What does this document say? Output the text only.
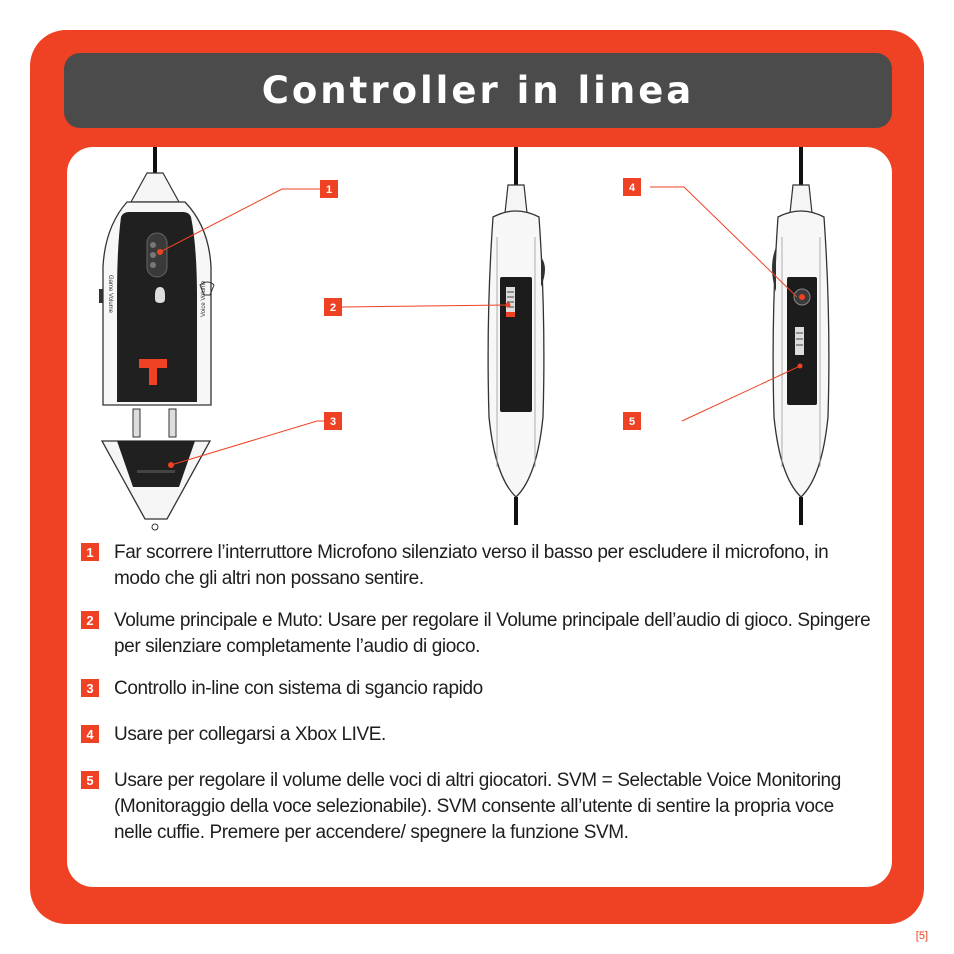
Controller in linea
Game Volume	Voice Volume
1
2
3
4
5
1 Far scorrere l’interruttore Microfono silenziato verso il basso per escludere il microfono, in modo che gli altri non possano sentire.
2 Volume principale e Muto: Usare per regolare il Volume principale dell’audio di gioco. Spingere per silenziare completamente l’audio di gioco.
3 Controllo in-line con sistema di sgancio rapido
4 Usare per collegarsi a Xbox LIVE.
5 Usare per regolare il volume delle voci di altri giocatori. SVM = Selectable Voice Monitoring (Monitoraggio della voce selezionabile). SVM consente all’utente di sentire la propria voce nelle cuffie. Premere per accendere/ spegnere la funzione SVM.
[5]
